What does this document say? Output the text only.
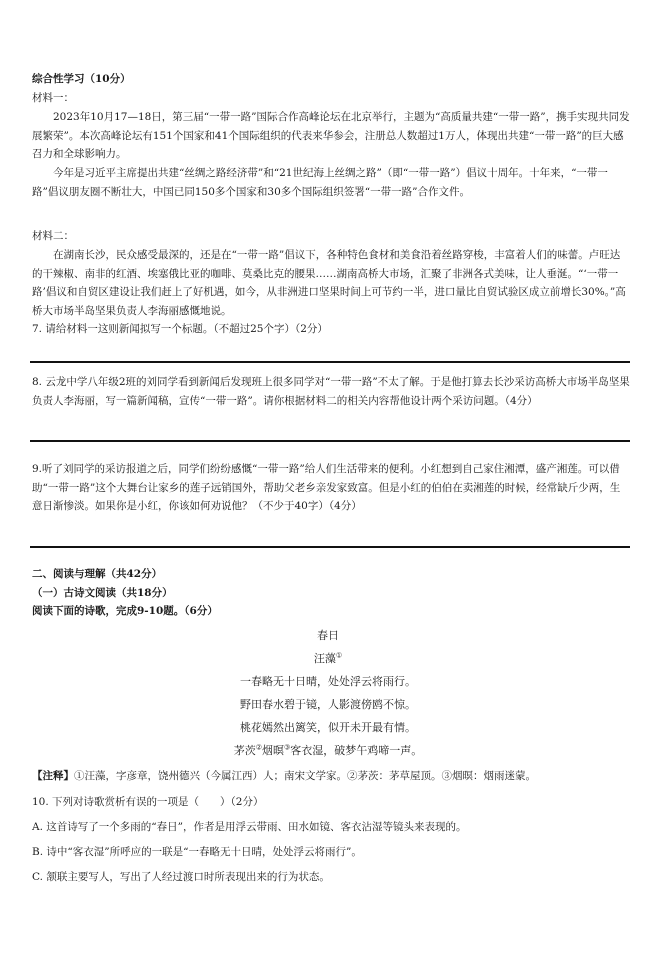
综合性学习（10分）
材料一：
2023年10月17—18日，第三届“一带一路”国际合作高峰论坛在北京举行，主题为“高质量共建“一带一路”，携手实现共同发展繁荣”。本次高峰论坛有151个国家和41个国际组织的代表来华参会，注册总人数超过1万人，体现出共建“一带一路”的巨大感召力和全球影响力。
今年是习近平主席提出共建“丝绸之路经济带”和“21世纪海上丝绸之路”（即“一带一路”）倡议十周年。十年来，“一带一路”倡议朋友圈不断壮大，中国已同150多个国家和30多个国际组织签署“一带一路”合作文件。
材料二：
在湖南长沙，民众感受最深的，还是在“一带一路”倡议下，各种特色食材和美食沿着丝路穿梭，丰富着人们的味蕾。卢旺达的干辣椒、南非的红酒、埃塞俄比亚的咖啡、莫桑比克的腰果……湖南高桥大市场，汇聚了非洲各式美味，让人垂涎。“‘一带一路’倡议和自贸区建设让我们赶上了好机遇，如今，从非洲进口坚果时间上可节约一半，进口量比自贸试验区成立前增长30%。”高桥大市场半岛坚果负责人李海丽感慨地说。
7. 请给材料一这则新闻拟写一个标题。（不超过25个字）（2分）
8. 云龙中学八年级2班的刘同学看到新闻后发现班上很多同学对“一带一路”不太了解。于是他打算去长沙采访高桥大市场半岛坚果负责人李海丽，写一篇新闻稿，宣传“一带一路”。请你根据材料二的相关内容帮他设计两个采访问题。（4分）
9.听了刘同学的采访报道之后，同学们纷纷感慨“一带一路”给人们生活带来的便利。小红想到自己家住湘潭，盛产湘莲。可以借助“一带一路”这个大舞台让家乡的莲子远销国外，帮助父老乡亲发家致富。但是小红的伯伯在卖湘莲的时候，经常缺斤少两，生意日渐惨淡。如果你是小红，你该如何劝说他？（不少于40字）（4分）
二、阅读与理解（共42分）
（一）古诗文阅读（共18分）
阅读下面的诗歌，完成9-10题。（6分）
春日
汪藻①
一春略无十日晴，处处浮云将雨行。
野田春水碧于镜，人影渡傍鸥不惊。
桃花嫣然出篱笑，似开未开最有情。
茅茨②烟暝③客衣湿，破梦午鸡啼一声。
【注释】①汪藻，字彦章，饶州德兴（今属江西）人；南宋文学家。②茅茨：茅草屋顶。③烟暝：烟雨迷蒙。
10. 下列对诗歌赏析有误的一项是（　　）（2分）
A. 这首诗写了一个多雨的“春日”，作者是用浮云带雨、田水如镜、客衣沾湿等镜头来表现的。
B. 诗中“客衣湿”所呼应的一联是“一春略无十日晴，处处浮云将雨行”。
C. 颔联主要写人，写出了人经过渡口时所表现出来的行为状态。
